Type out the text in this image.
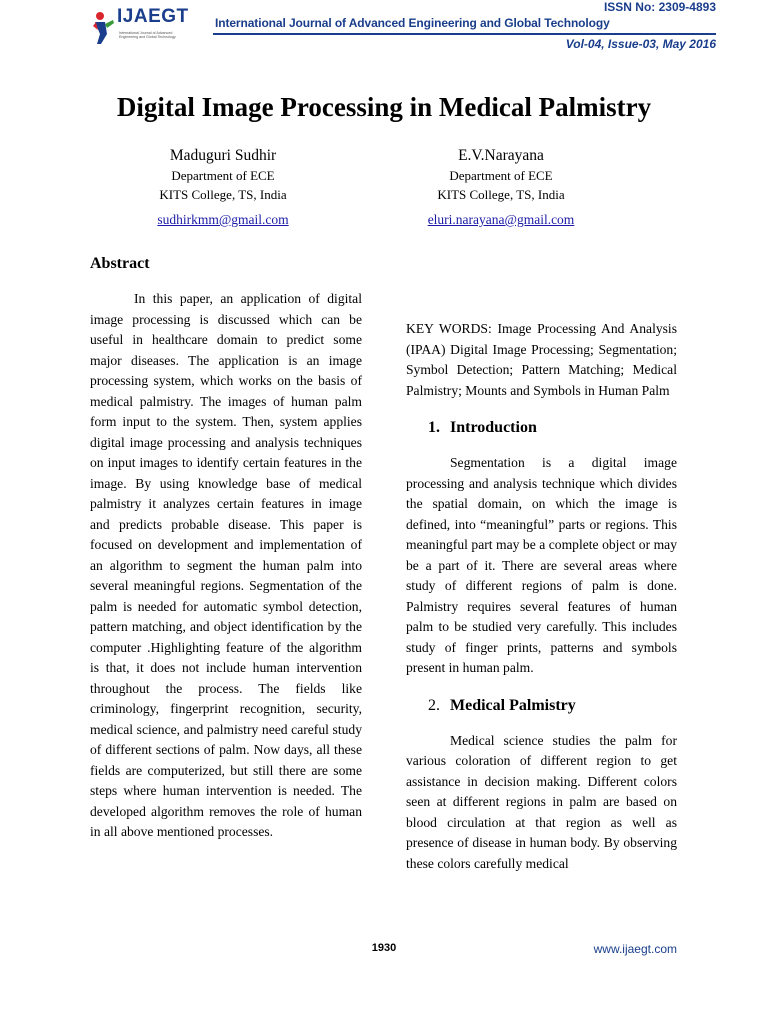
IJAEGT
International Journal of Advanced Engineering and Global Technology
ISSN No: 2309-4893
International Journal of Advanced Engineering and Global Technology
Vol-04, Issue-03, May 2016
Digital Image Processing in Medical Palmistry
Maduguri Sudhir
Department of ECE
KITS College, TS, India
sudhirkmm@gmail.com
E.V.Narayana
Department of ECE
KITS College, TS, India
eluri.narayana@gmail.com
Abstract

In this paper, an application of digital image processing is discussed which can be useful in healthcare domain to predict some major diseases. The application is an image processing system, which works on the basis of medical palmistry. The images of human palm form input to the system. Then, system applies digital image processing and analysis techniques on input images to identify certain features in the image. By using knowledge base of medical palmistry it analyzes certain features in image and predicts probable disease. This paper is focused on development and implementation of an algorithm to segment the human palm into several meaningful regions. Segmentation of the palm is needed for automatic symbol detection, pattern matching, and object identification by the computer .Highlighting feature of the algorithm is that, it does not include human intervention throughout the process. The fields like criminology, fingerprint recognition, security, medical science, and palmistry need careful study of different sections of palm. Now days, all these fields are computerized, but still there are some steps where human intervention is needed. The developed algorithm removes the role of human in all above mentioned processes.

KEY WORDS: Image Processing And Analysis (IPAA) Digital Image Processing; Segmentation; Symbol Detection; Pattern Matching; Medical Palmistry; Mounts and Symbols in Human Palm

1. Introduction

Segmentation is a digital image processing and analysis technique which divides the spatial domain, on which the image is defined, into “meaningful” parts or regions. This meaningful part may be a complete object or may be a part of it. There are several areas where study of different regions of palm is done. Palmistry requires several features of human palm to be studied very carefully. This includes study of finger prints, patterns and symbols present in human palm.

2. Medical Palmistry

Medical science studies the palm for various coloration of different region to get assistance in decision making. Different colors seen at different regions in palm are based on blood circulation at that region as well as presence of disease in human body. By observing these colors carefully medical

1930	www.ijaegt.com
